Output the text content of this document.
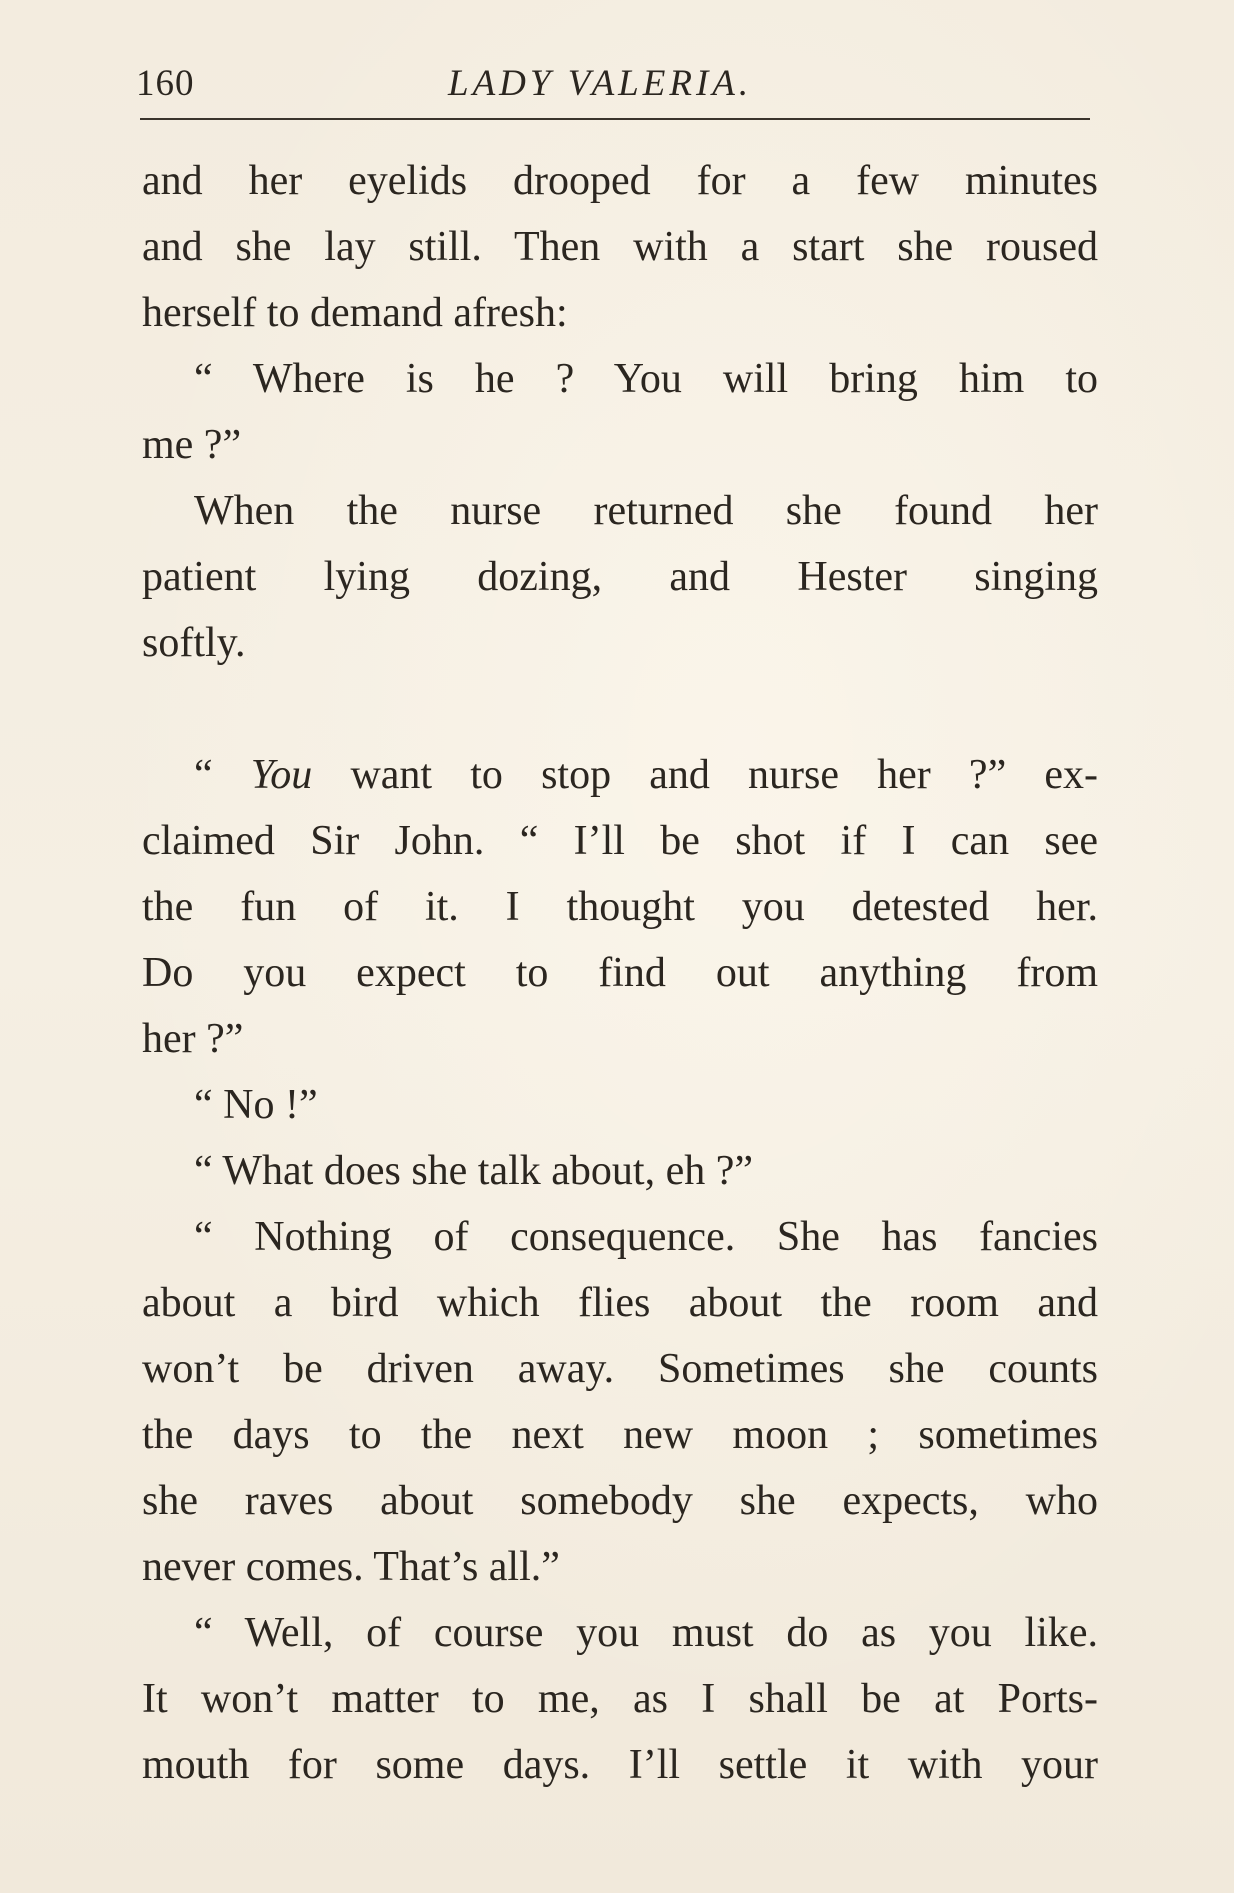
160	LADY VALERIA.
and her eyelids drooped for a few minutes
and she lay still. Then with a start she roused
herself to demand afresh:
“ Where is he ? You will bring him to
me ?”
When the nurse returned she found her
patient lying dozing, and Hester singing
softly.
“ You want to stop and nurse her ?” ex-
claimed Sir John. “ I’ll be shot if I can see
the fun of it. I thought you detested her.
Do you expect to find out anything from
her ?”
“ No !”
“ What does she talk about, eh ?”
“ Nothing of consequence. She has fancies
about a bird which flies about the room and
won’t be driven away. Sometimes she counts
the days to the next new moon ; sometimes
she raves about somebody she expects, who
never comes. That’s all.”
“ Well, of course you must do as you like.
It won’t matter to me, as I shall be at Ports-
mouth for some days. I’ll settle it with your
